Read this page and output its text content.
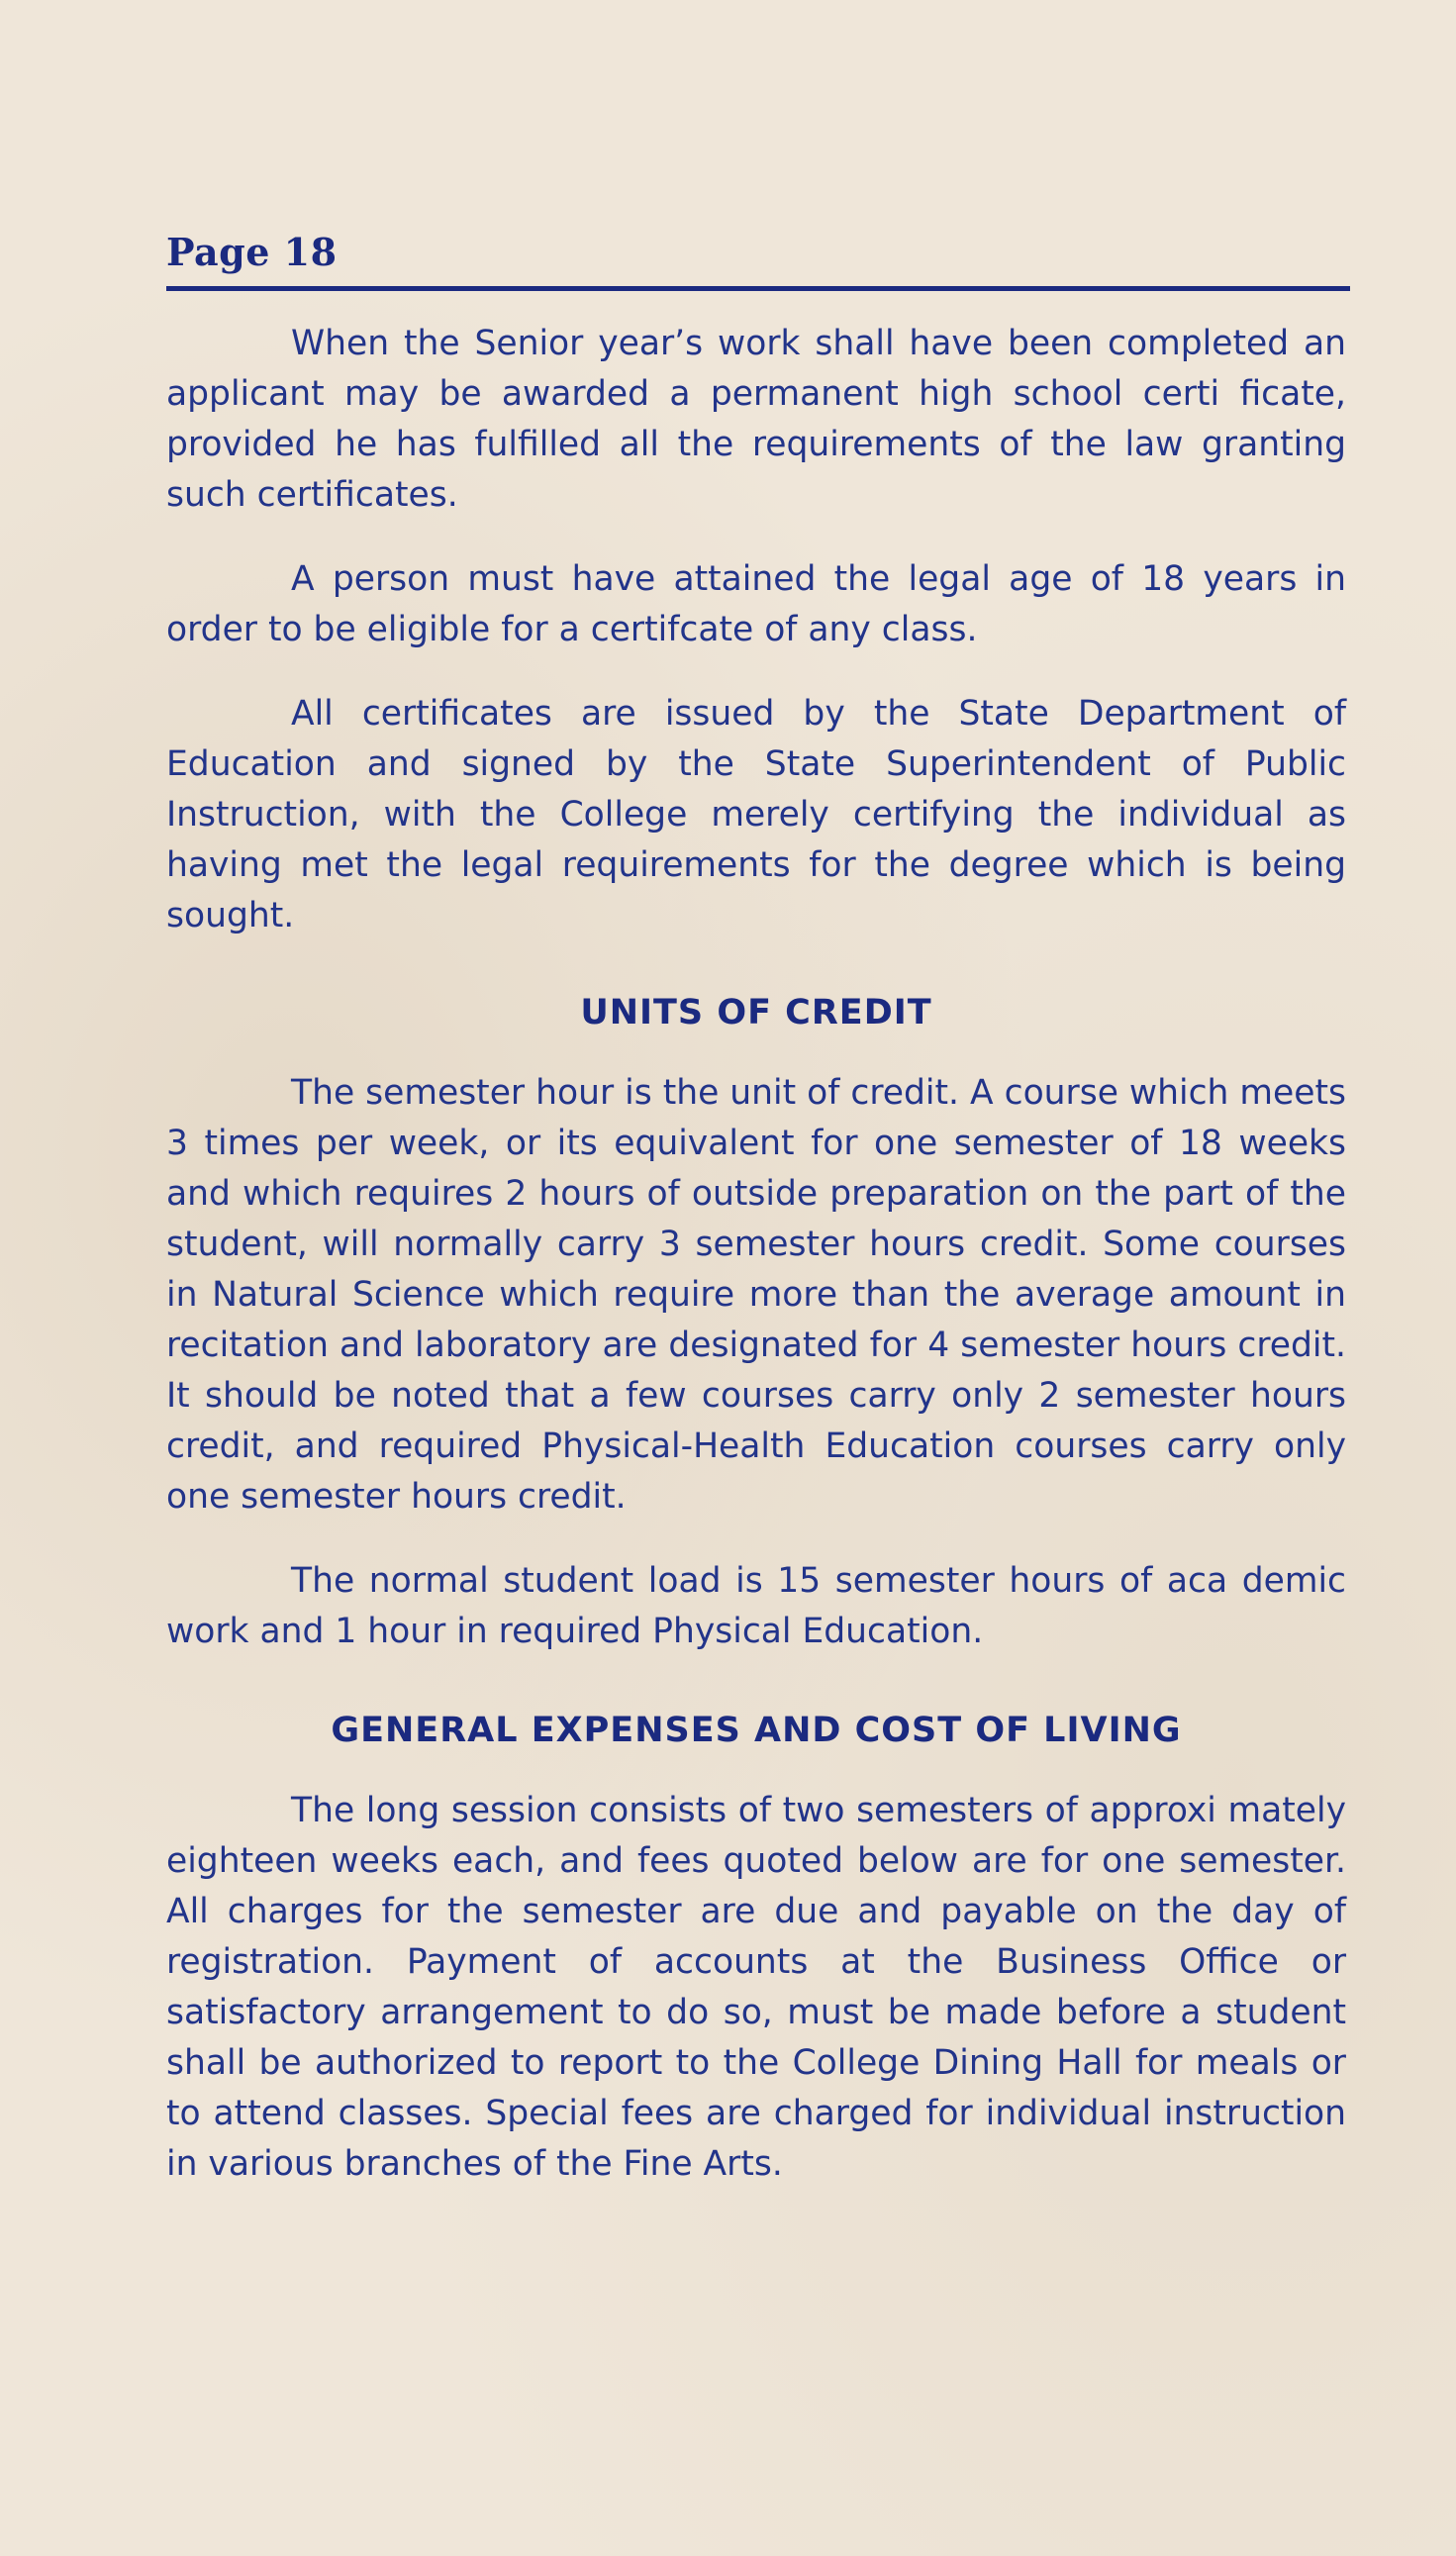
Page 18

When the Senior year’s work shall have been completed an applicant may be awarded a permanent high school certi ficate, provided he has fulfilled all the requirements of the law granting such certificates.

A person must have attained the legal age of 18 years in order to be eligible for a certifcate of any class.

All certificates are issued by the State Department of Education and signed by the State Superintendent of Public Instruction, with the College merely certifying the individual as having met the legal requirements for the degree which is being sought.

UNITS OF CREDIT

The semester hour is the unit of credit. A course which meets 3 times per week, or its equivalent for one semester of 18 weeks and which requires 2 hours of outside preparation on the part of the student, will normally carry 3 semester hours credit. Some courses in Natural Science which require more than the average amount in recitation and laboratory are designated for 4 semester hours credit. It should be noted that a few courses carry only 2 semester hours credit, and required Physical-Health Education courses carry only one semester hours credit.

The normal student load is 15 semester hours of aca demic work and 1 hour in required Physical Education.

GENERAL EXPENSES AND COST OF LIVING

The long session consists of two semesters of approxi mately eighteen weeks each, and fees quoted below are for one semester. All charges for the semester are due and payable on the day of registration. Payment of accounts at the Business Office or satisfactory arrangement to do so, must be made before a student shall be authorized to report to the College Dining Hall for meals or to attend classes. Special fees are charged for individual instruction in various branches of the Fine Arts.
